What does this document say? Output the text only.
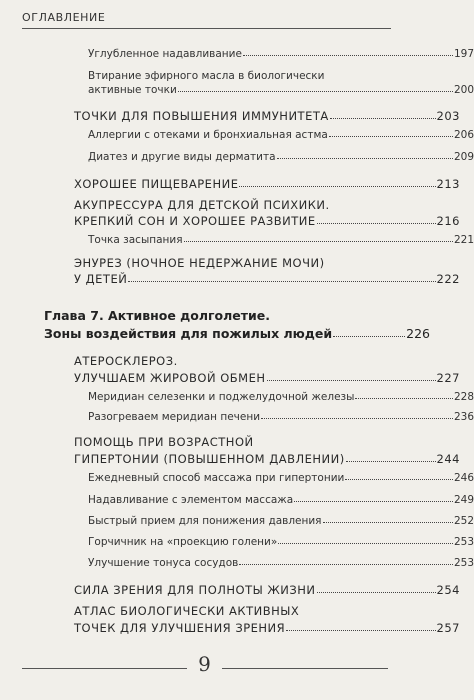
ОГЛАВЛЕНИЕ
Углубленное надавливание	197
Втирание эфирного масла в биологически
активные точки	200
ТОЧКИ ДЛЯ ПОВЫШЕНИЯ ИММУНИТЕТА	203
Аллергии с отеками и бронхиальная астма	206
Диатез и другие виды дерматита	209
ХОРОШЕЕ ПИЩЕВАРЕНИЕ	213
АКУПРЕССУРА ДЛЯ ДЕТСКОЙ ПСИХИКИ.
КРЕПКИЙ СОН И ХОРОШЕЕ РАЗВИТИЕ	216
Точка засыпания	221
ЭНУРЕЗ (НОЧНОЕ НЕДЕРЖАНИЕ МОЧИ)
У ДЕТЕЙ	222
Глава 7. Активное долголетие.
Зоны воздействия для пожилых людей	226
АТЕРОСКЛЕРОЗ.
УЛУЧШАЕМ ЖИРОВОЙ ОБМЕН	227
Меридиан селезенки и поджелудочной железы	228
Разогреваем меридиан печени	236
ПОМОЩЬ ПРИ ВОЗРАСТНОЙ
ГИПЕРТОНИИ (ПОВЫШЕННОМ ДАВЛЕНИИ)	244
Ежедневный способ массажа при гипертонии	246
Надавливание с элементом массажа	249
Быстрый прием для понижения давления	252
Горчичник на «проекцию голени»	253
Улучшение тонуса сосудов	253
СИЛА ЗРЕНИЯ ДЛЯ ПОЛНОТЫ ЖИЗНИ	254
АТЛАС БИОЛОГИЧЕСКИ АКТИВНЫХ
ТОЧЕК ДЛЯ УЛУЧШЕНИЯ ЗРЕНИЯ	257
9
